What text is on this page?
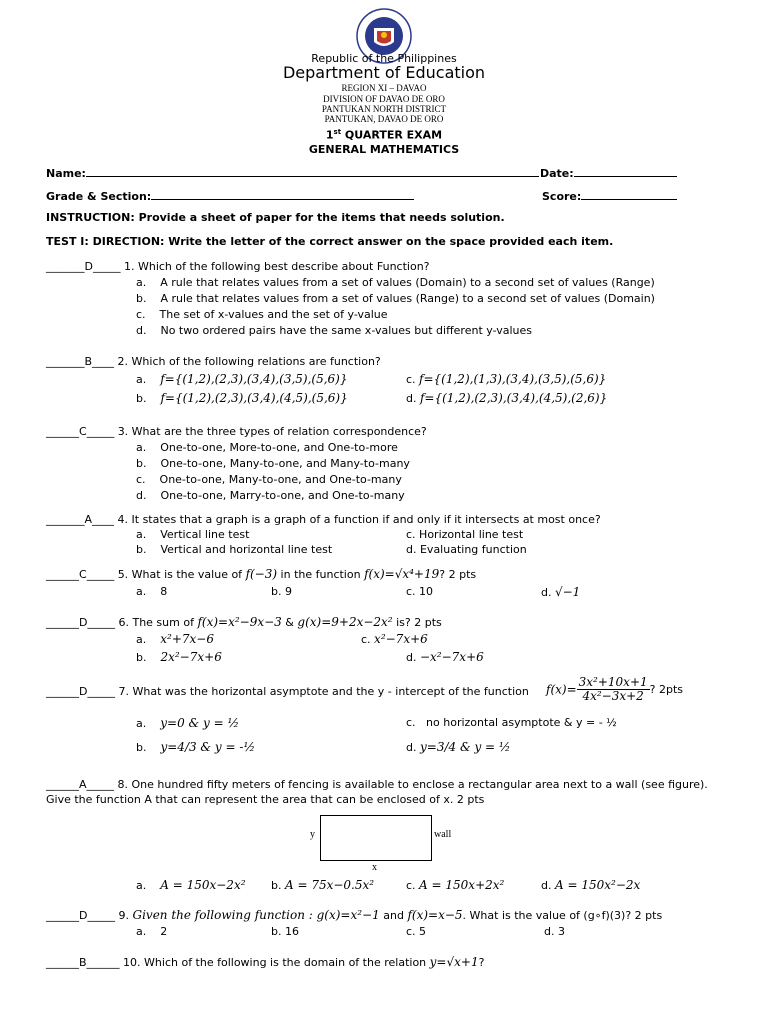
Republic of the Philippines
Department of Education
REGION XI – DAVAO
DIVISION OF DAVAO DE ORO
PANTUKAN NORTH DISTRICT
PANTUKAN, DAVAO DE ORO
1st QUARTER EXAM
GENERAL MATHEMATICS
Name:	Date:
Grade & Section:	Score:
INSTRUCTION: Provide a sheet of paper for the items that needs solution.
TEST I: DIRECTION: Write the letter of the correct answer on the space provided each item.
_______D_____ 1. Which of the following best describe about Function?
a.    A rule that relates values from a set of values (Domain) to a second set of values (Range)
b.    A rule that relates values from a set of values (Range) to a second set of values (Domain)
c.    The set of x-values and the set of y-value
d.    No two ordered pairs have the same x-values but different y-values
_______B____ 2. Which of the following relations are function?
a.    f={(1,2),(2,3),(3,4),(3,5),(5,6)}	c. f={(1,2),(1,3),(3,4),(3,5),(5,6)}
b.    f={(1,2),(2,3),(3,4),(4,5),(5,6)}	d. f={(1,2),(2,3),(3,4),(4,5),(2,6)}
______C_____ 3. What are the three types of relation correspondence?
a.    One-to-one, More-to-one, and One-to-more
b.    One-to-one, Many-to-one, and Many-to-many
c.    One-to-one, Many-to-one, and One-to-many
d.    One-to-one, Marry-to-one, and One-to-many
_______A____ 4. It states that a graph is a graph of a function if and only if it intersects at most once?
a.    Vertical line test	c. Horizontal line test
b.    Vertical and horizontal line test	d. Evaluating function
______C_____ 5. What is the value of f(−3) in the function f(x)=√x⁴+19? 2 pts
a.    8	b. 9	c. 10	d. √−1
______D_____ 6. The sum of f(x)=x²−9x−3 & g(x)=9+2x−2x² is? 2 pts
a.    x²+7x−6	c. x²−7x+6
b.    2x²−7x+6	d. −x²−7x+6
______D_____ 7. What was the horizontal asymptote and the y - intercept of the function $f(x)= \frac{\text{3x²+10x+1}}{\text{4x²−3x+2}}$ ? 2pts
a.    y=0 & y = ½	c.   no horizontal asymptote & y = - ½
b.    y=4/3 & y = -½	d. y=3/4 & y = ½
______A_____ 8. One hundred fifty meters of fencing is available to enclose a rectangular area next to a wall (see figure).
Give the function A that can represent the area that can be enclosed of x. 2 pts
y	wall
x
a.    A = 150x−2x² b. A = 75x−0.5x²	c. A = 150x+2x²	d. A = 150x²−2x
______D_____ 9. Given the following function : g(x)=x²−1 and f(x)=x−5. What is the value of (g∘f)(3)? 2 pts
a.    2	b. 16	c. 5	d. 3
______B______ 10. Which of the following is the domain of the relation y=√x+1?
